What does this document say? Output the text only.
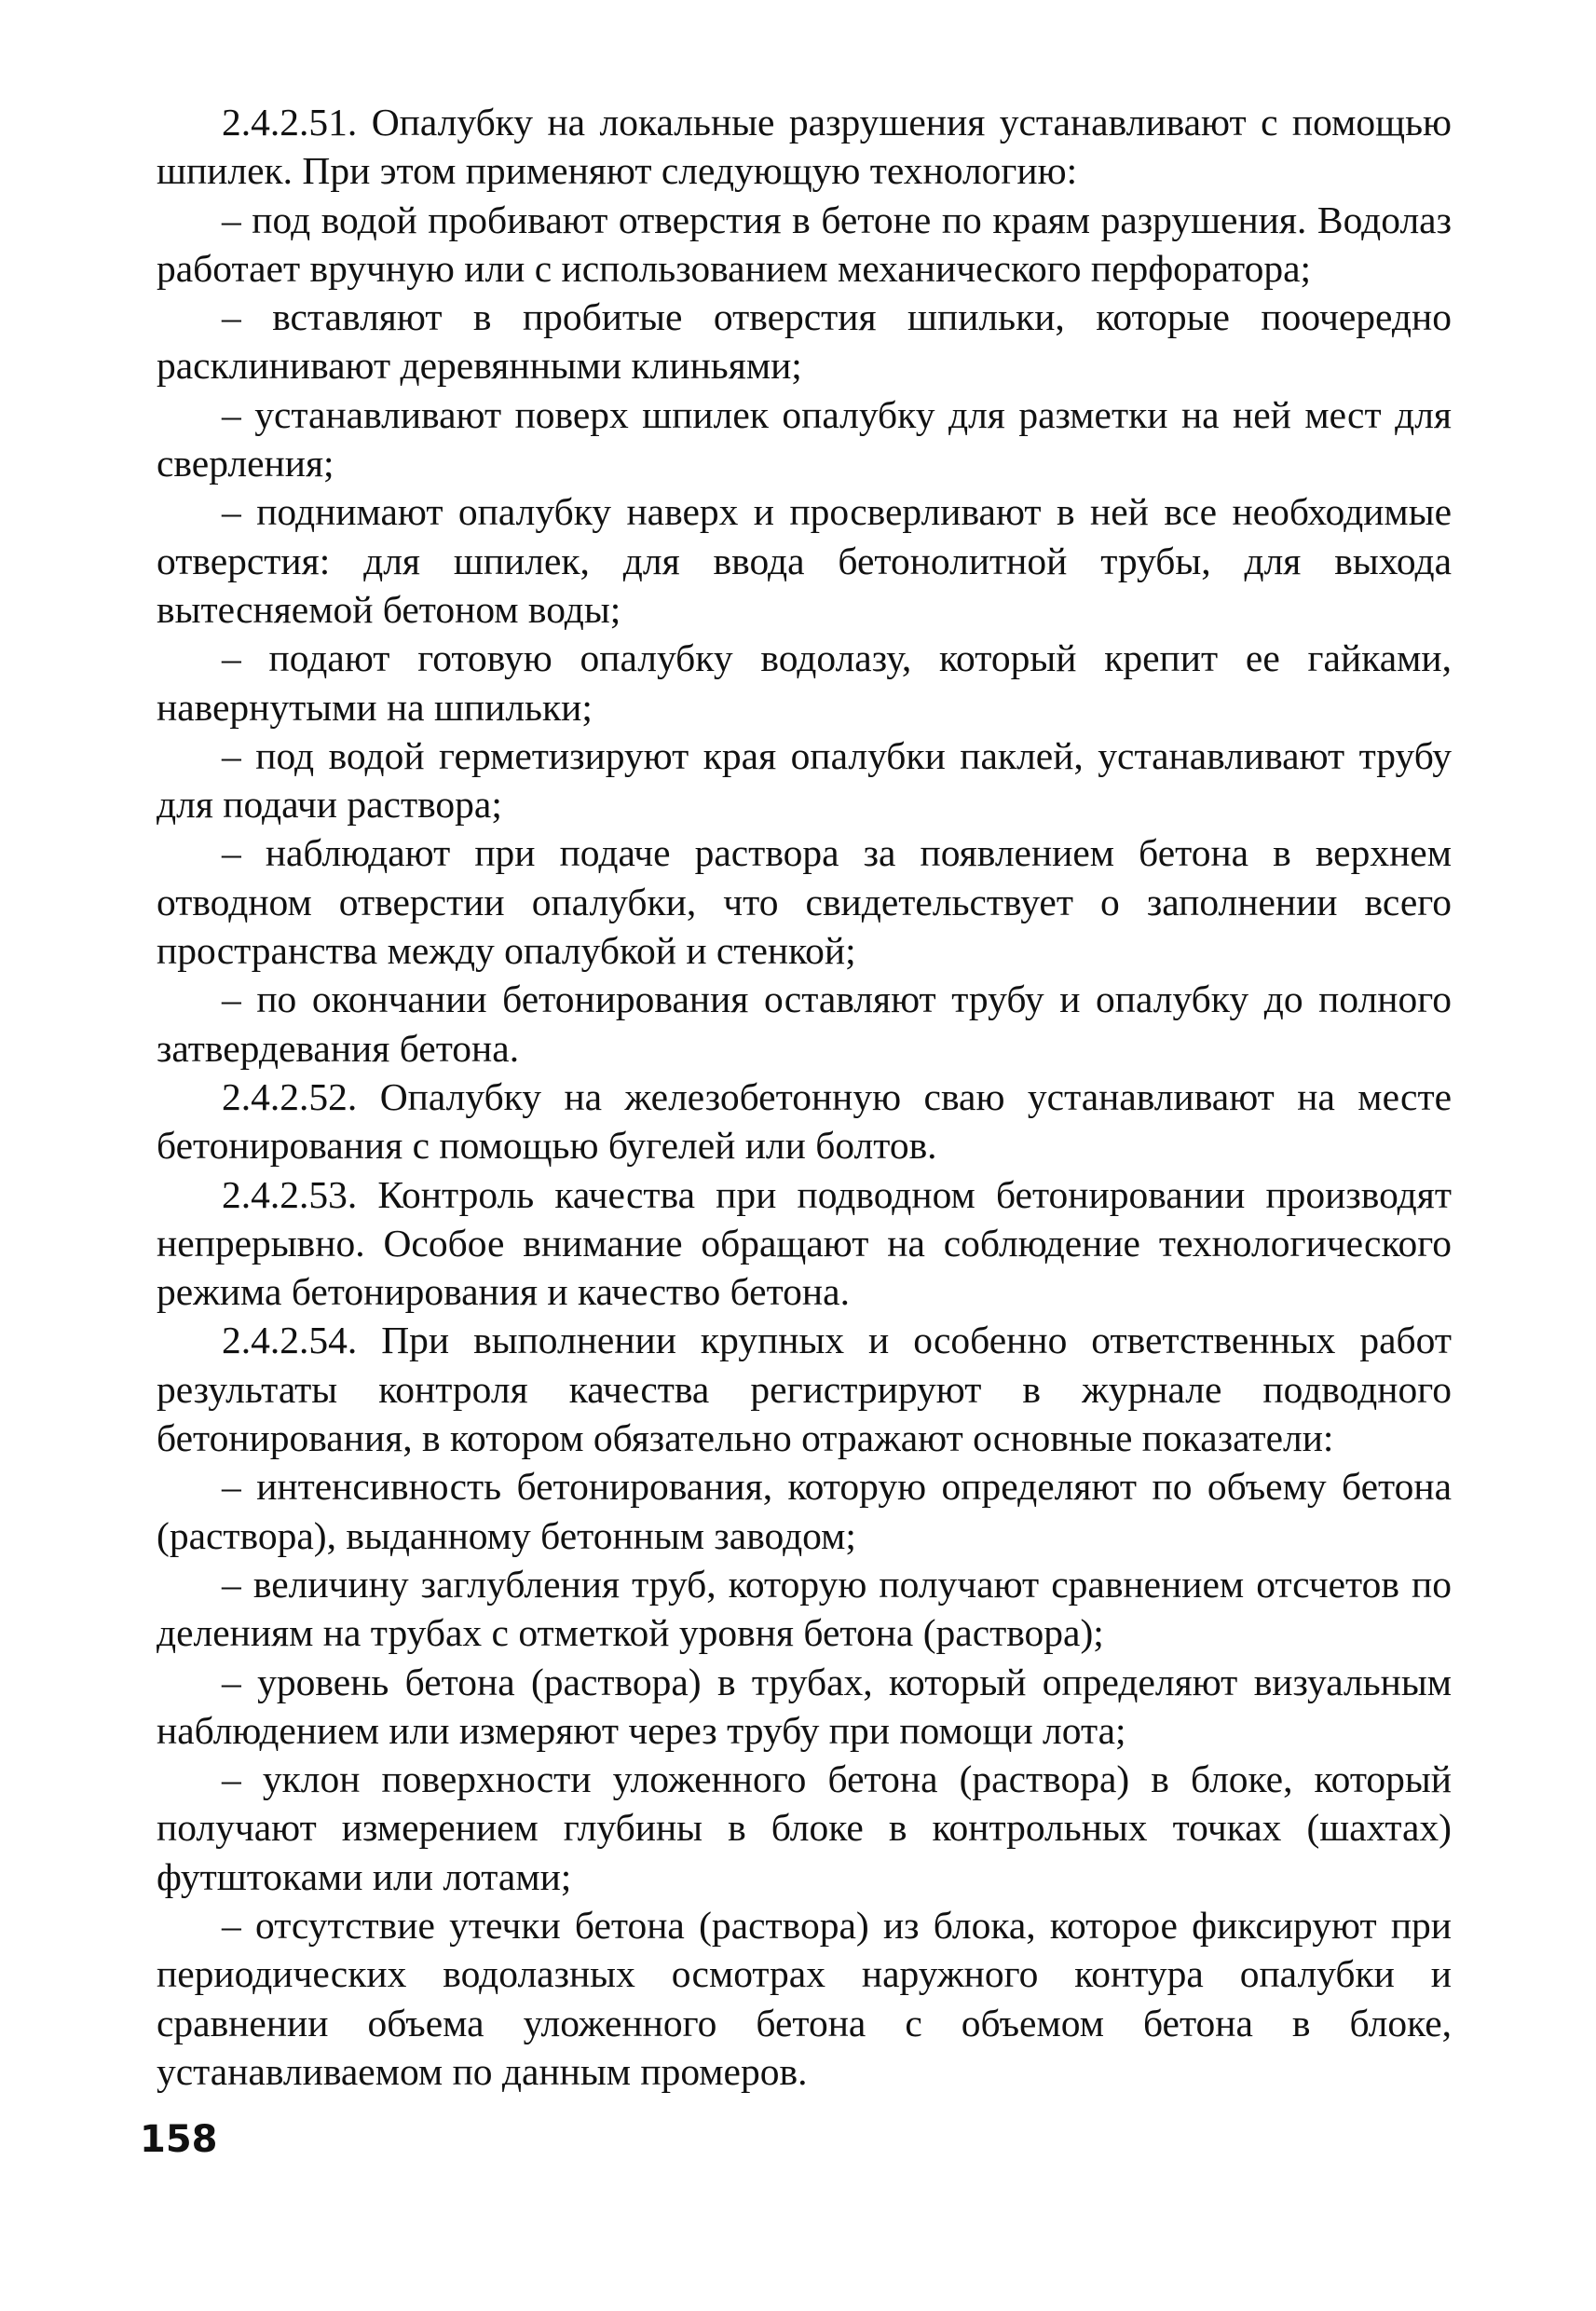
2.4.2.51. Опалубку на локальные разрушения устанавливают с помощью шпилек. При этом применяют следующую технологию:

– под водой пробивают отверстия в бетоне по краям разрушения. Водолаз работает вручную или с использованием механического перфоратора;

– вставляют в пробитые отверстия шпильки, которые поочередно расклинивают деревянными клиньями;

– устанавливают поверх шпилек опалубку для разметки на ней мест для сверления;

– поднимают опалубку наверх и просверливают в ней все необходимые отверстия: для шпилек, для ввода бетонолитной трубы, для выхода вытесняемой бетоном воды;

– подают готовую опалубку водолазу, который крепит ее гайками, навернутыми на шпильки;

– под водой герметизируют края опалубки паклей, устанавливают трубу для подачи раствора;

– наблюдают при подаче раствора за появлением бетона в верхнем отводном отверстии опалубки, что свидетельствует о заполнении всего пространства между опалубкой и стенкой;

– по окончании бетонирования оставляют трубу и опалубку до полного затвердевания бетона.

2.4.2.52. Опалубку на железобетонную сваю устанавливают на месте бетонирования с помощью бугелей или болтов.

2.4.2.53. Контроль качества при подводном бетонировании производят непрерывно. Особое внимание обращают на соблюдение технологического режима бетонирования и качество бетона.

2.4.2.54. При выполнении крупных и особенно ответственных работ результаты контроля качества регистрируют в журнале подводного бетонирования, в котором обязательно отражают основные показатели:

– интенсивность бетонирования, которую определяют по объему бетона (раствора), выданному бетонным заводом;

– величину заглубления труб, которую получают сравнением отсчетов по делениям на трубах с отметкой уровня бетона (раствора);

– уровень бетона (раствора) в трубах, который определяют визуальным наблюдением или измеряют через трубу при помощи лота;

– уклон поверхности уложенного бетона (раствора) в блоке, который получают измерением глубины в блоке в контрольных точках (шахтах) футштоками или лотами;

– отсутствие утечки бетона (раствора) из блока, которое фиксируют при периодических водолазных осмотрах наружного контура опалубки и сравнении объема уложенного бетона с объемом бетона в блоке, устанавливаемом по данным промеров.

158
